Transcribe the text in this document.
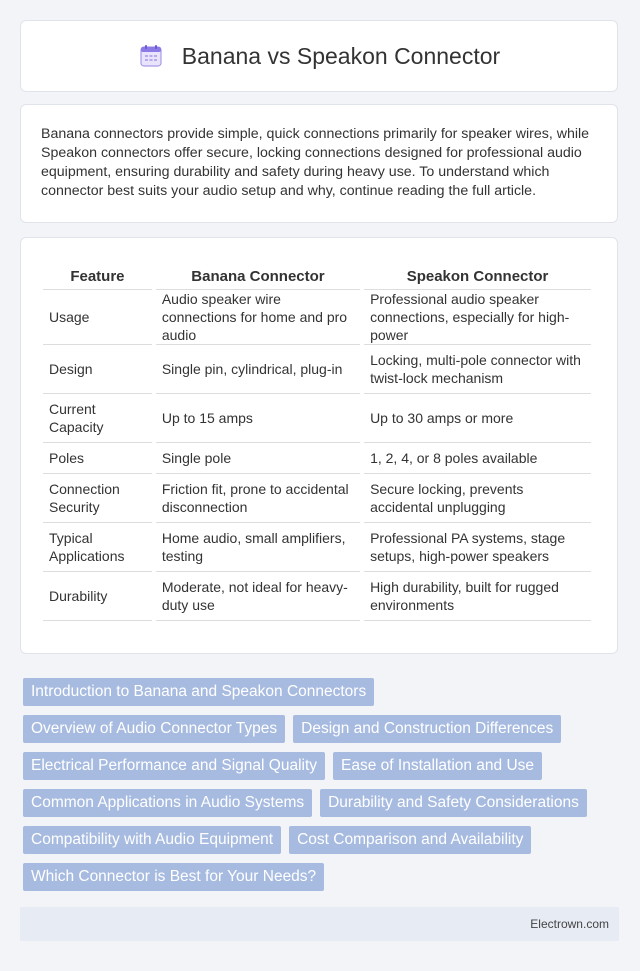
Banana vs Speakon Connector
Banana connectors provide simple, quick connections primarily for speaker wires, while Speakon connectors offer secure, locking connections designed for professional audio equipment, ensuring durability and safety during heavy use. To understand which connector best suits your audio setup and why, continue reading the full article.
Feature	Banana Connector	Speakon Connector
Usage	Audio speaker wire connections for home and pro audio	Professional audio speaker connections, especially for high-power
Design	Single pin, cylindrical, plug-in	Locking, multi-pole connector with twist-lock mechanism
Current Capacity	Up to 15 amps	Up to 30 amps or more
Poles	Single pole	1, 2, 4, or 8 poles available
Connection Security	Friction fit, prone to accidental disconnection	Secure locking, prevents accidental unplugging
Typical Applications	Home audio, small amplifiers, testing	Professional PA systems, stage setups, high-power speakers
Durability	Moderate, not ideal for heavy-duty use	High durability, built for rugged environments
Introduction to Banana and Speakon Connectors
Overview of Audio Connector Types	Design and Construction Differences
Electrical Performance and Signal Quality	Ease of Installation and Use
Common Applications in Audio Systems	Durability and Safety Considerations
Compatibility with Audio Equipment	Cost Comparison and Availability
Which Connector is Best for Your Needs?
Electrown.com
